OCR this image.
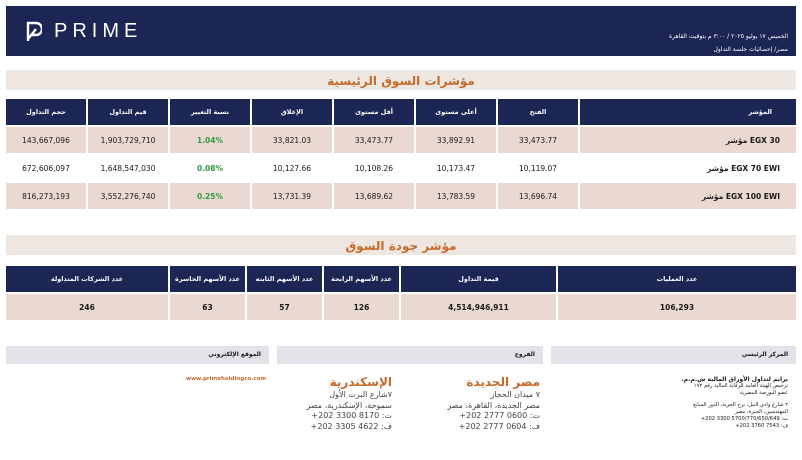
PRIME	الخميس ١٧ يوليو ٢٠٢٥ / ٣:٠٠ م بتوقيت القاهرة
مصر/ إحصائيات جلسة التداول
مؤشرات السوق الرئيسية
حجم التداول	قيم التداول	نسبة التغيير	الإغلاق	أقل مستوى	أعلى مستوى	الفتح	المؤشر
143,667,096	1,903,729,710	1.04%	33,821.03	33,473.77	33,892.91	33,473.77	مؤشر EGX 30
672,606,097	1,648,547,030	0.08%	10,127.66	10,108.26	10,173.47	10,119.07	مؤشر EGX 70 EWI
816,273,193	3,552,276,740	0.25%	13,731.39	13,689.62	13,783.59	13,696.74	مؤشر EGX 100 EWI
مؤشر جودة السوق
عدد الشركات المتداولة	عدد الأسهم الخاسرة	عدد الأسهم الثابته	عدد الأسهم الرابحة	قيمة التداول	عدد العمليات
246	63	57	126	4,514,946,911	106,293
المركز الرئيسي
الفروع
الموقع الإلكتروني
برايم لتداول الأوراق المالية ش.م.م.
ترخيص الهيئة العامة للرقابة المالية رقم ١٧٢
عضو البورصة المصرية
٢ شارع وادي النيل، برج الحرية، الدور السابع
المهندسين، الجيزة، مصر
+202 3300 5700/770/650/649 :ت
+202 3760 7543 :ف
مصر الجديدة
٧ ميدان الحجاز
مصر الجديدة، القاهرة، مصر
ت: 0600 2777 202+
ف: 0604 2777 202+
الإسكندرية
٧شارع البرت الأول
سموحة، الإسكندرية، مصر
ت: 8170 3300 202+
ف: 4622 3305 202+
www.primeholdingco.com
